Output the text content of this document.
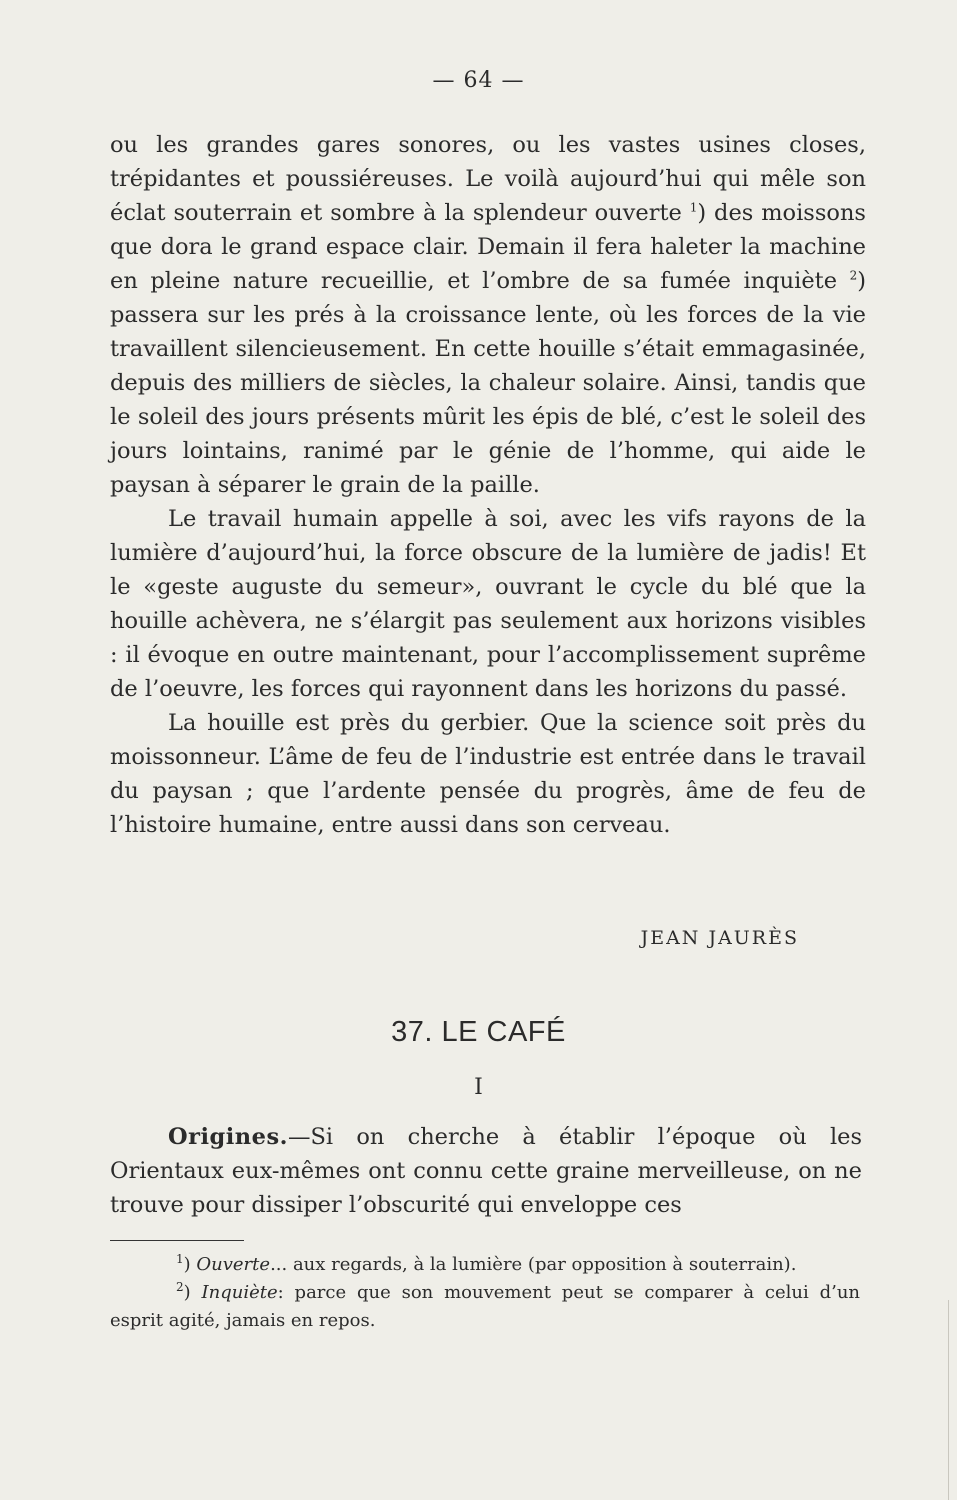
— 64 —

ou les grandes gares sonores, ou les vastes usines closes, trépidantes et poussiéreuses. Le voilà aujourd’hui qui mêle son éclat souterrain et sombre à la splendeur ouverte $^1$) des moissons que dora le grand espace clair. Demain il fera haleter la machine en pleine nature recueillie, et l’ombre de sa fumée inquiète $^2$) passera sur les prés à la croissance lente, où les forces de la vie travaillent silencieusement. En cette houille s’était emmagasinée, depuis des milliers de siècles, la chaleur solaire. Ainsi, tandis que le soleil des jours présents mûrit les épis de blé, c’est le soleil des jours lointains, ranimé par le génie de l’homme, qui aide le paysan à séparer le grain de la paille.

Le travail humain appelle à soi, avec les vifs rayons de la lumière d’aujourd’hui, la force obscure de la lumière de jadis! Et le «geste auguste du semeur», ouvrant le cycle du blé que la houille achèvera, ne s’élargit pas seulement aux horizons visibles : il évoque en outre maintenant, pour l’accomplissement suprême de l’oeuvre, les forces qui rayonnent dans les horizons du passé.

La houille est près du gerbier. Que la science soit près du moissonneur. L’âme de feu de l’industrie est entrée dans le travail du paysan ; que l’ardente pensée du progrès, âme de feu de l’histoire humaine, entre aussi dans son cerveau.

JEAN JAURÈS
37. LE CAFÉ
I

Origines.—Si on cherche à établir l’époque où les Orientaux eux-mêmes ont connu cette graine merveilleuse, on ne trouve pour dissiper l’obscurité qui enveloppe ces

$^1$) Ouverte... aux regards, à la lumière (par opposition à souterrain).

$^2$) Inquiète: parce que son mouvement peut se comparer à celui d’un esprit agité, jamais en repos.
